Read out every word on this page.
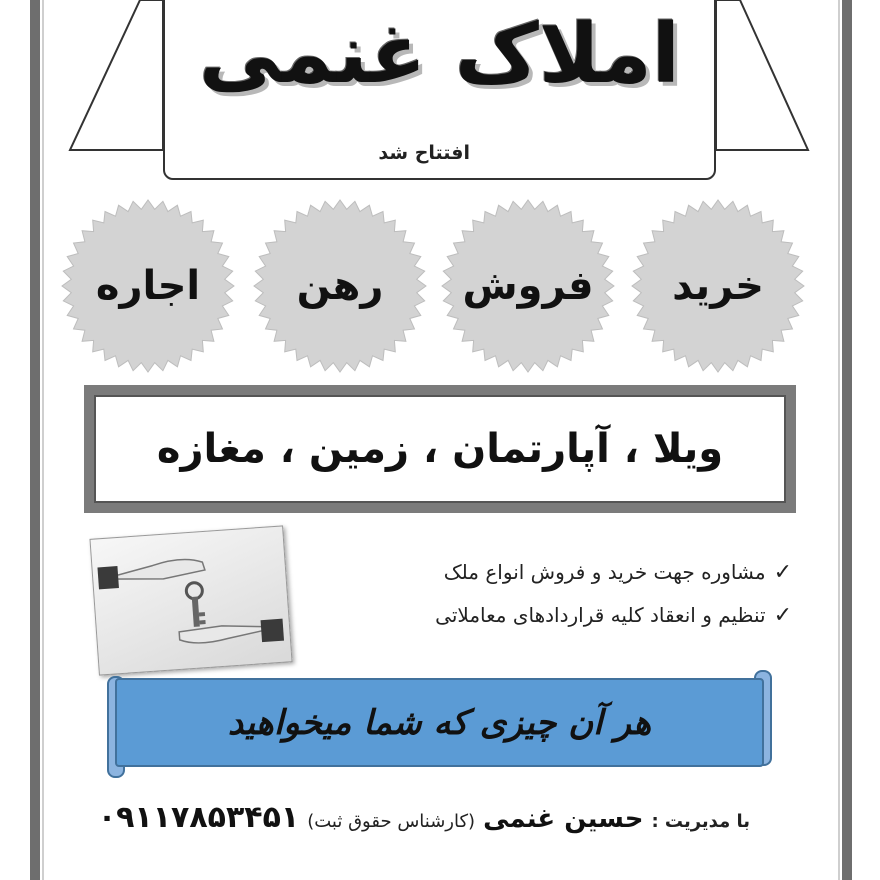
املاک غنمی
افتتاح شد
خرید
فروش
رهن
اجاره
ویلا ، آپارتمان ، زمین ، مغازه
✓مشاوره جهت خرید و فروش انواع ملک
✓تنظیم و انعقاد کلیه قراردادهای معاملاتی
هر آن چیزی که شما میخواهید
با مدیریت :
حسین غنمی
(کارشناس حقوق ثبت)
۰۹۱۱۷۸۵۳۴۵۱
